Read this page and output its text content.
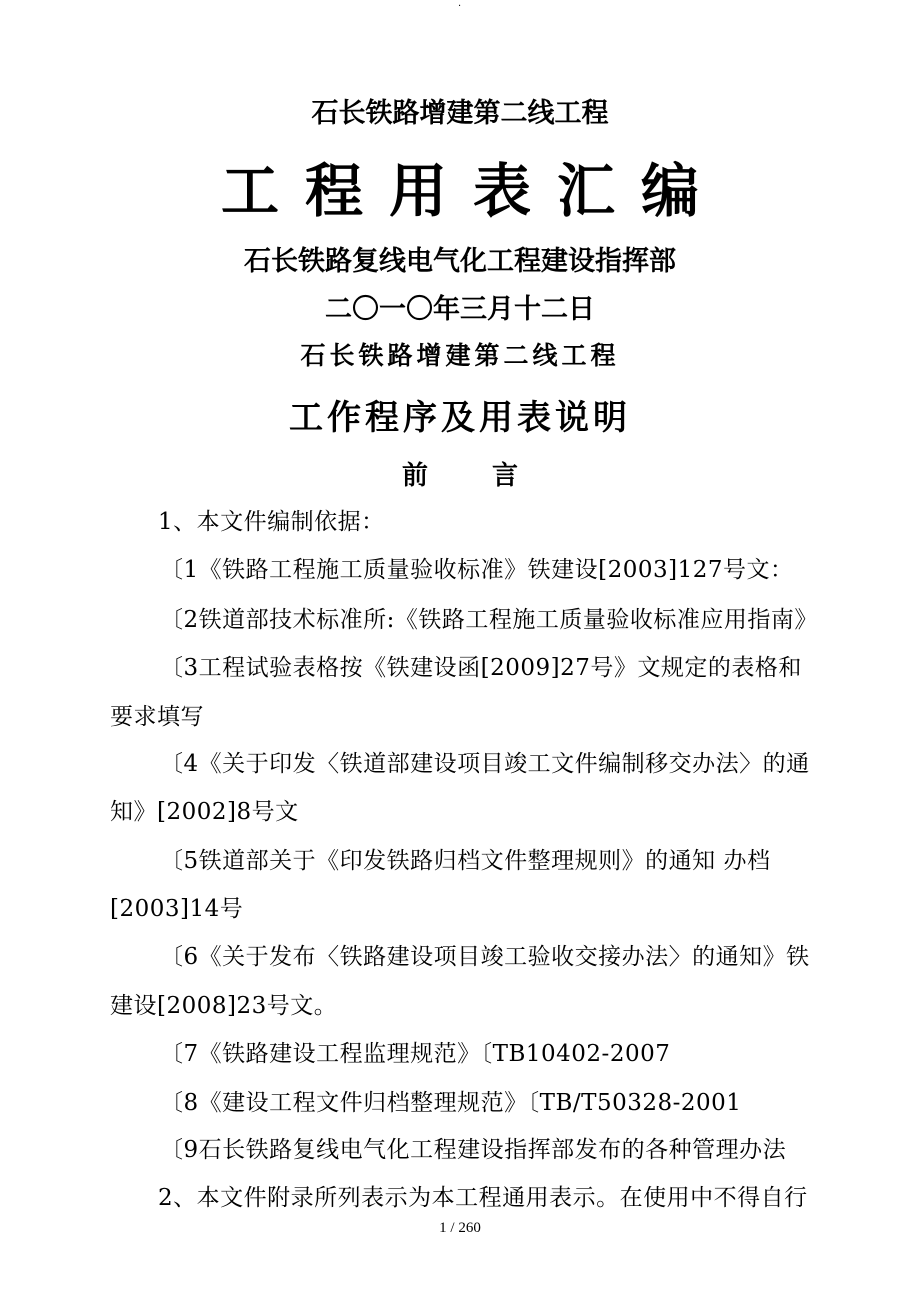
·
石长铁路增建第二线工程
工程用表汇编
石长铁路复线电气化工程建设指挥部
二〇一〇年三月十二日
石长铁路增建第二线工程
工作程序及用表说明
前 言
1、本文件编制依据：
〔1《铁路工程施工质量验收标准》铁建设[2003]127号文：
〔2铁道部技术标准所:《铁路工程施工质量验收标准应用指南》
〔3工程试验表格按《铁建设函[2009]27号》文规定的表格和
要求填写
〔4《关于印发〈铁道部建设项目竣工文件编制移交办法〉的通
知》[2002]8号文
〔5铁道部关于《印发铁路归档文件整理规则》的通知 办档
[2003]14号
〔6《关于发布〈铁路建设项目竣工验收交接办法〉的通知》铁
建设[2008]23号文。
〔7《铁路建设工程监理规范》〔TB10402-2007
〔8《建设工程文件归档整理规范》〔TB/T50328-2001
〔9石长铁路复线电气化工程建设指挥部发布的各种管理办法
2、本文件附录所列表示为本工程通用表示。在使用中不得自行
1 / 260
